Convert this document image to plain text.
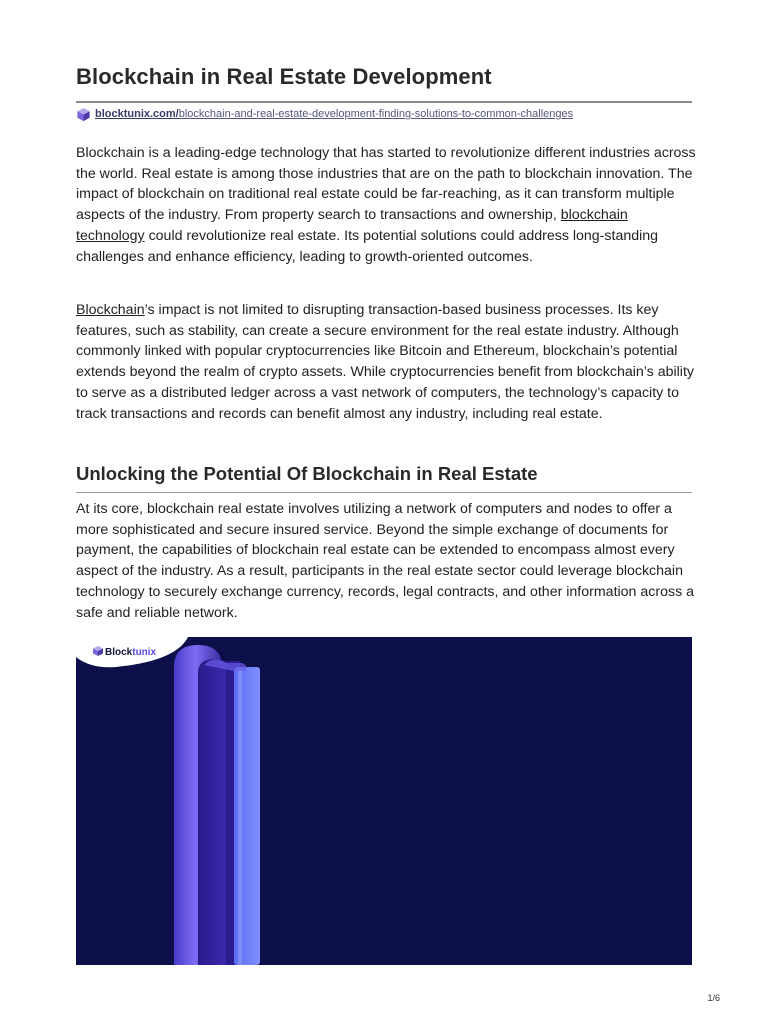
Blockchain in Real Estate Development
blocktunix.com/ blockchain-and-real-estate-development-finding-solutions-to-common-challenges

Blockchain is a leading-edge technology that has started to revolutionize different industries across the world. Real estate is among those industries that are on the path to blockchain innovation. The impact of blockchain on traditional real estate could be far-reaching, as it can transform multiple aspects of the industry. From property search to transactions and ownership, blockchain technology could revolutionize real estate. Its potential solutions could address long-standing challenges and enhance efficiency, leading to growth-oriented outcomes.

Blockchain’s impact is not limited to disrupting transaction-based business processes. Its key features, such as stability, can create a secure environment for the real estate industry. Although commonly linked with popular cryptocurrencies like Bitcoin and Ethereum, blockchain’s potential extends beyond the realm of crypto assets. While cryptocurrencies benefit from blockchain’s ability to serve as a distributed ledger across a vast network of computers, the technology’s capacity to track transactions and records can benefit almost any industry, including real estate.

Unlocking the Potential Of Blockchain in Real Estate

At its core, blockchain real estate involves utilizing a network of computers and nodes to offer a more sophisticated and secure insured service. Beyond the simple exchange of documents for payment, the capabilities of blockchain real estate can be extended to encompass almost every aspect of the industry. As a result, participants in the real estate sector could leverage blockchain technology to securely exchange currency, records, legal contracts, and other information across a safe and reliable network.

Blocktunix
1/6
